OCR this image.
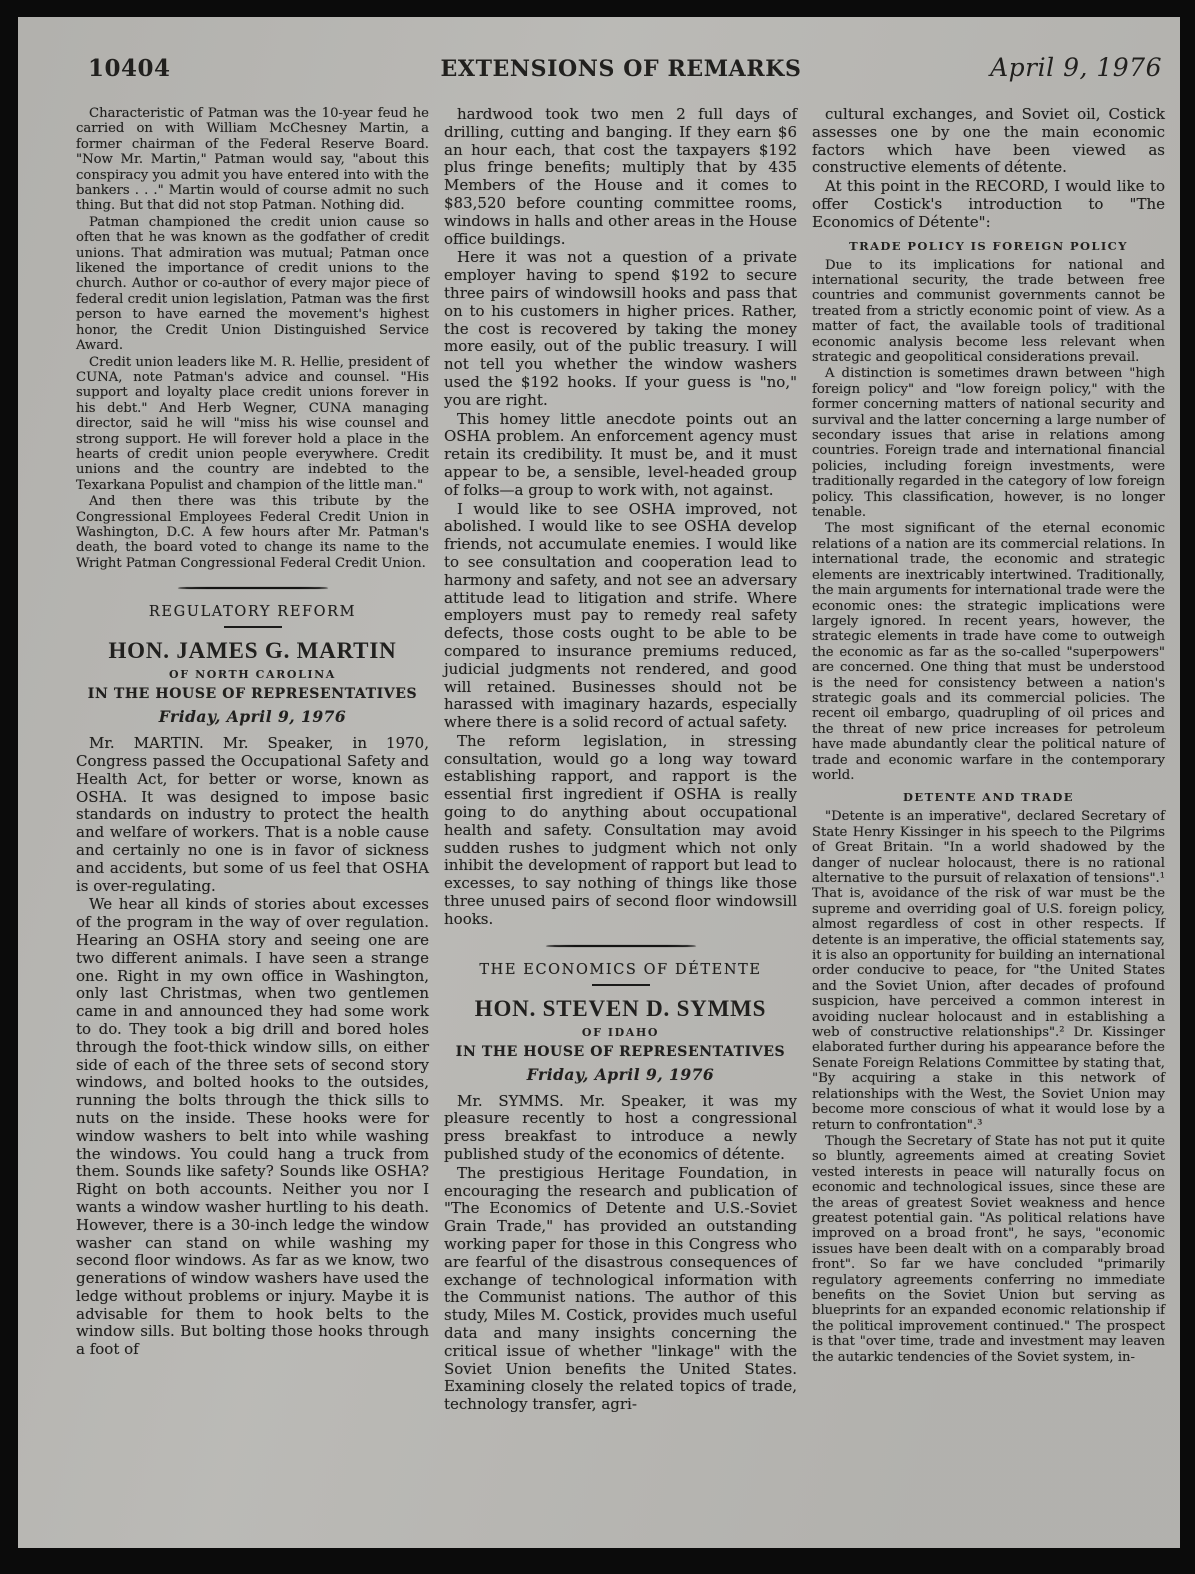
10404	EXTENSIONS OF REMARKS	April 9, 1976

Characteristic of Patman was the 10-year feud he carried on with William McChesney Martin, a former chairman of the Federal Reserve Board. "Now Mr. Martin," Patman would say, "about this conspiracy you admit you have entered into with the bankers . . ." Martin would of course admit no such thing. But that did not stop Patman. Nothing did.

Patman championed the credit union cause so often that he was known as the godfather of credit unions. That admiration was mutual; Patman once likened the importance of credit unions to the church. Author or co-author of every major piece of federal credit union legislation, Patman was the first person to have earned the movement's highest honor, the Credit Union Distinguished Service Award.

Credit union leaders like M. R. Hellie, president of CUNA, note Patman's advice and counsel. "His support and loyalty place credit unions forever in his debt." And Herb Wegner, CUNA managing director, said he will "miss his wise counsel and strong support. He will forever hold a place in the hearts of credit union people everywhere. Credit unions and the country are indebted to the Texarkana Populist and champion of the little man."

And then there was this tribute by the Congressional Employees Federal Credit Union in Washington, D.C. A few hours after Mr. Patman's death, the board voted to change its name to the Wright Patman Congressional Federal Credit Union.

REGULATORY REFORM
HON. JAMES G. MARTIN
OF NORTH CAROLINA
IN THE HOUSE OF REPRESENTATIVES
Friday, April 9, 1976

Mr. MARTIN. Mr. Speaker, in 1970, Congress passed the Occupational Safety and Health Act, for better or worse, known as OSHA. It was designed to impose basic standards on industry to protect the health and welfare of workers. That is a noble cause and certainly no one is in favor of sickness and accidents, but some of us feel that OSHA is over-regulating.

We hear all kinds of stories about excesses of the program in the way of over regulation. Hearing an OSHA story and seeing one are two different animals. I have seen a strange one. Right in my own office in Washington, only last Christmas, when two gentlemen came in and announced they had some work to do. They took a big drill and bored holes through the foot-thick window sills, on either side of each of the three sets of second story windows, and bolted hooks to the outsides, running the bolts through the thick sills to nuts on the inside. These hooks were for window washers to belt into while washing the windows. You could hang a truck from them. Sounds like safety? Sounds like OSHA? Right on both accounts. Neither you nor I wants a window washer hurtling to his death. However, there is a 30-inch ledge the window washer can stand on while washing my second floor windows. As far as we know, two generations of window washers have used the ledge without problems or injury. Maybe it is advisable for them to hook belts to the window sills. But bolting those hooks through a foot of

hardwood took two men 2 full days of drilling, cutting and banging. If they earn $6 an hour each, that cost the taxpayers $192 plus fringe benefits; multiply that by 435 Members of the House and it comes to $83,520 before counting committee rooms, windows in halls and other areas in the House office buildings.

Here it was not a question of a private employer having to spend $192 to secure three pairs of windowsill hooks and pass that on to his customers in higher prices. Rather, the cost is recovered by taking the money more easily, out of the public treasury. I will not tell you whether the window washers used the $192 hooks. If your guess is "no," you are right.

This homey little anecdote points out an OSHA problem. An enforcement agency must retain its credibility. It must be, and it must appear to be, a sensible, level-headed group of folks—a group to work with, not against.

I would like to see OSHA improved, not abolished. I would like to see OSHA develop friends, not accumulate enemies. I would like to see consultation and cooperation lead to harmony and safety, and not see an adversary attitude lead to litigation and strife. Where employers must pay to remedy real safety defects, those costs ought to be able to be compared to insurance premiums reduced, judicial judgments not rendered, and good will retained. Businesses should not be harassed with imaginary hazards, especially where there is a solid record of actual safety.

The reform legislation, in stressing consultation, would go a long way toward establishing rapport, and rapport is the essential first ingredient if OSHA is really going to do anything about occupational health and safety. Consultation may avoid sudden rushes to judgment which not only inhibit the development of rapport but lead to excesses, to say nothing of things like those three unused pairs of second floor windowsill hooks.

THE ECONOMICS OF DÉTENTE
HON. STEVEN D. SYMMS
OF IDAHO
IN THE HOUSE OF REPRESENTATIVES
Friday, April 9, 1976

Mr. SYMMS. Mr. Speaker, it was my pleasure recently to host a congressional press breakfast to introduce a newly published study of the economics of détente.

The prestigious Heritage Foundation, in encouraging the research and publication of "The Economics of Detente and U.S.-Soviet Grain Trade," has provided an outstanding working paper for those in this Congress who are fearful of the disastrous consequences of exchange of technological information with the Communist nations. The author of this study, Miles M. Costick, provides much useful data and many insights concerning the critical issue of whether "linkage" with the Soviet Union benefits the United States. Examining closely the related topics of trade, technology transfer, agri-

cultural exchanges, and Soviet oil, Costick assesses one by one the main economic factors which have been viewed as constructive elements of détente.

At this point in the RECORD, I would like to offer Costick's introduction to "The Economics of Détente":

TRADE POLICY IS FOREIGN POLICY

Due to its implications for national and international security, the trade between free countries and communist governments cannot be treated from a strictly economic point of view. As a matter of fact, the available tools of traditional economic analysis become less relevant when strategic and geopolitical considerations prevail.

A distinction is sometimes drawn between "high foreign policy" and "low foreign policy," with the former concerning matters of national security and survival and the latter concerning a large number of secondary issues that arise in relations among countries. Foreign trade and international financial policies, including foreign investments, were traditionally regarded in the category of low foreign policy. This classification, however, is no longer tenable.

The most significant of the eternal economic relations of a nation are its commercial relations. In international trade, the economic and strategic elements are inextricably intertwined. Traditionally, the main arguments for international trade were the economic ones: the strategic implications were largely ignored. In recent years, however, the strategic elements in trade have come to outweigh the economic as far as the so-called "superpowers" are concerned. One thing that must be understood is the need for consistency between a nation's strategic goals and its commercial policies. The recent oil embargo, quadrupling of oil prices and the threat of new price increases for petroleum have made abundantly clear the political nature of trade and economic warfare in the contemporary world.

DETENTE AND TRADE

"Detente is an imperative", declared Secretary of State Henry Kissinger in his speech to the Pilgrims of Great Britain. "In a world shadowed by the danger of nuclear holocaust, there is no rational alternative to the pursuit of relaxation of tensions".¹ That is, avoidance of the risk of war must be the supreme and overriding goal of U.S. foreign policy, almost regardless of cost in other respects. If detente is an imperative, the official statements say, it is also an opportunity for building an international order conducive to peace, for "the United States and the Soviet Union, after decades of profound suspicion, have perceived a common interest in avoiding nuclear holocaust and in establishing a web of constructive relationships".² Dr. Kissinger elaborated further during his appearance before the Senate Foreign Relations Committee by stating that, "By acquiring a stake in this network of relationships with the West, the Soviet Union may become more conscious of what it would lose by a return to confrontation".³

Though the Secretary of State has not put it quite so bluntly, agreements aimed at creating Soviet vested interests in peace will naturally focus on economic and technological issues, since these are the areas of greatest Soviet weakness and hence greatest potential gain. "As political relations have improved on a broad front", he says, "economic issues have been dealt with on a comparably broad front". So far we have concluded "primarily regulatory agreements conferring no immediate benefits on the Soviet Union but serving as blueprints for an expanded economic relationship if the political improvement continued." The prospect is that "over time, trade and investment may leaven the autarkic tendencies of the Soviet system, in-
